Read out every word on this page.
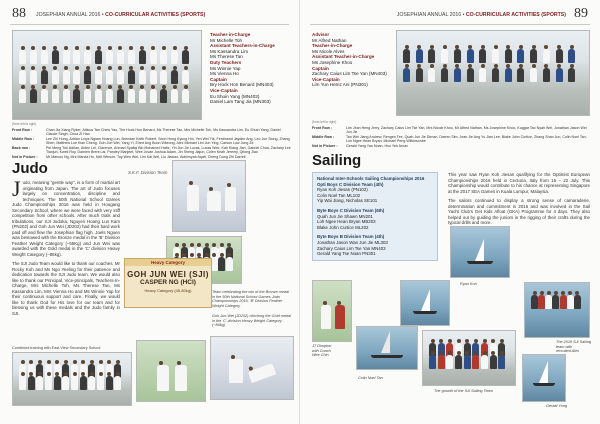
88 JOSEPHIAN ANNUAL 2016 • CO-CURRICULAR ACTIVITIES (SPORTS)
Teacher-in-Charge
Mr Michelle Toh
Assistant Teachers-in-Charge
Ms Kassandra Lim
Ms Therese Tan
Duty Teachers
Ms Winnie Yap
Ms Vienna Ho
Captain
Bry Hock Hon Benard (MN403)
Vice-Captain
Eu Shuin Yang (MN403)
Daniel Lam Tang Jia (MN303)
(from left to right)
Front Row :	Chan Jia Xiang Ryker, Atticus Tan Chew Yao, The Hock Hon Benard, Ms Therese Tan, Mrs Michelle Toh, Ms Kassandra Lim, Eu Shuin Yang, Daniel Claude Singh, Chua Zi Hao
Middle Row :	Lee Zhi Hung, Adrian Lorys Ngiam Hoang Lun, Brendan Keith Robert, Seon Hong Kyung Hui, Yen Wei Yik, Ferdinand Jayden Ang, Leo Jun Siong, Zhang Shen, Matthew Loe Kian Cheng, Goh Jun Wei, Yang Yi, Elred Ang Boon Wkeong, Alex Michael Lim Jun Ying, Carson Low Jong Ze
Back row :	Pei Meng Toh Adrian, Aiden Lei, Clarence, Ahmad Syafiqi Bin Mohamed Hafiz, Yin Jun Jie Lucas, Lucas Wee, Kah Kiang Jian, Gabriel Chua, Zachary Lee Tianjun, Kwek Roy, Damien Brent Lai, Pandey Manjeet, Wee Jovan Joshua Adam, Jin Sheng Jiajun, Colen Keah Jeremy, Qitong Jiao
Not in Picture :	Mr Marcus Ng, Mrs Marcia Ho, Neil Winson, Toy Wen Wei, Lim Kai Wei, Liu Jiaxiao, Aldrinsyah Aqafi, Cheng Dong Zhi Darrell
Judo	S.K.F. Division Team

Judo, meaning “gentle way”, is a form of martial art originating from Japan. The art of Judo focuses largely on concentration, discipline and techniques. The 50th National School Games Judo Championships 2016 was held in Hougang Secondary School, where we were faced with very stiff competition from other schools. After much trials and tribulations, our SJI Judoka, Nguyen Hoang Lun Kam (PN202) and Goh Jun Wei (JD202) had their hard work paid off and flew the Josephian flag high. Joels Nguen was bestowed with the Bronze medal in the ‘B’ Division Feather Weight Category (–55Kg) and Jun Wei was awarded with the Gold medal in the ‘C’ division Heavy Weight Category (–86kg).

The SJI Judo Team would like to thank our coaches, Mr Rocky Koh and Ms Ngo Yeeling for their patience and dedication towards the SJI Judo team. We would also like to thank our Principal, Vice-principals, Teachers-In-Charge, Mrs Michelle Toh, Ms Therese Tan, Ms Kassandra Lim, Mrs Vienna Ho and Ms Winnie Yap for their continuous support and care. Finally, we would like to thank God for His love for our team and for blessing us with these medals and the Judo family in SJI.

Team celebrating the win of the Bronze medal in the 50th National School Games Judo Championships 2016, ‘B’ Division Feather Weight Category
Heavy Category
GOH JUN WEI (SJI)
CASPER NG (HCI)
Heavy Category (45-80kg)
Goh Jun Wei (JD202) clinching the Gold medal in the ‘C’-division Heavy Weight Category (~86kg)
Combined training with East View Secondary School
JOSEPHIAN ANNUAL 2016 • CO-CURRICULAR ACTIVITIES (SPORTS) 89
Advisor
Mr Alfred Nathan
Teacher-in-Charge
Ms Nicole Alves
Assistant Teacher-in-Charge
Ms Josephine Khoo
Captain
Zachary Caius Lim Tse Yan (MN403)
Vice-Captain
Lim Yun Hemz Ani (PN301)
(from left to right)
Front Row :	Lim Jean Heng Jerry, Zachary Caius Lim Tse Yan, Mrs Nicole Khoo, Mr Alfred Nathan, Ms Josephine Khoo, Kuggar Tao Nyah Wei, Jonathan Jason Wei Jun Jie
Middle Row :	Tan Wei Jiang Andrew, Rengen Tee, Quah Jun Jie Dirnan, Darren Sim, Jean Jie Ang Yu Jian Lee, Blake John Curtice, Zhang Shao Jun, Colin Noel Tan, Loh Ngee Hean Bryan, Michael Peng Wilkinsonbe
Not in Picture :	Gerald Yang Yan Noan, Hsu Yeh Arnav
Sailing
National Inter-Schools Sailing Championships 2016
Opti Boys C Division Team (4th)
Ryan Koh Jiesan (PN102)
Colin Noel Tan ML102
Yip Wai Jiang, Nicholas SE101
Byte Boys C Division Team (6th)
Quah Jun Jie Shawn MN201
Loh Ngee Hean Bryan MB203
Blake John Curtice ML202
Byte Boys B Division Team (4th)
Jonathan Jason Wan Jun Jie ML303
Zachary Caius Lim Tse Yan MN403
Gerald Yang Tse Noan PN301

This year saw Ryan Koh Jiesan qualifying for the Optimist European Championships 2016 held in Cecturia, Italy from 15 – 22 July. This Championship would contribute to his chance at representing Singapore at the 2017 SEA Games in Kuala Lumpur, Malaysia.

The sailors continued to display a strong sense of camaraderie, determination and commitment in 2016 and was involved in the Sail Yacht Club’s Get Kids Afloat (GKA) Programme for 4 days. They also helped out by guiding the juniors in the rigging of their crafts during the typical drills and more.

Ryan Koh
JT Dimpton
with Coach
Wee Chin
Colin Noel Tan
The growth of the SJI Sailing Team
The 2016 SJI Sailing team with
recruited Alex
Gerald Yong
